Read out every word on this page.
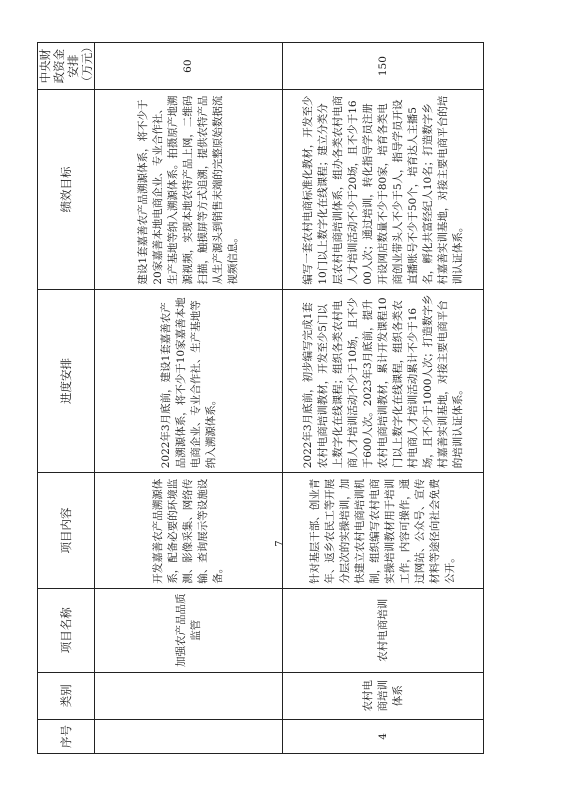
序号	类别	项目名称	项目内容	进度安排	绩效目标	中央财政资金安排（万元）
		加强农产品品质监管	开发嘉善农产品溯源体系，配备必要的环境监测、影像采集、网络传输、查询展示等设施设备。	2022年3月底前，建设1套嘉善农产品溯源体系，将不少于10家嘉善本地电商企业、专业合作社、生产基地等纳入溯源体系。	建设1套嘉善农产品溯源体系，将不少于20家嘉善本地电商企业、专业合作社、生产基地等纳入溯源体系。拍摄原产地溯源视频，实现本地农特产品上网，二维码扫描，触摸屏等方式追溯，提供农特产品从生产源头到销售末端的完整原始数据流视频信息。	60
4	农村电商培训体系	农村电商培训	针对基层干部、创业青年、返乡农民工等开展分层次的实操培训，加快建立农村电商培训机制，组织编写农村电商实操培训教材用于培训工作，内容可操作，通过网站、公众号、宣传材料等途径向社会免费公开。	2022年3月底前，初步编写完成1套农村电商培训教材，开发至少5门以上数字化在线课程；组织各类农村电商人才培训活动不少于10场，且不少于600人次。2023年3月底前，提升农村电商培训教材，累计开发课程10门以上数字化在线课程，组织各类农村电商人才培训活动累计不少于16场，且不少于1000人次；打造数字乡村嘉善实训基地，对接主要电商平台的培训认证体系。	编写一套农村电商标准化教材，开发至少10门以上数字化在线课程；建立分类分层农村电商培训体系，组办各类农村电商人才培训活动不少于20场，且不少于1600人次；通过培训，转化指导学员注册开设网店数量不少于80家，培育各类电商创业带头人不少于5人，指导学员开设直播账号不少于50个，培育达人主播5名，孵化共富经纪人10名；打造数字乡村嘉善实训基地，对接主要电商平台的培训认证体系。	150
7
